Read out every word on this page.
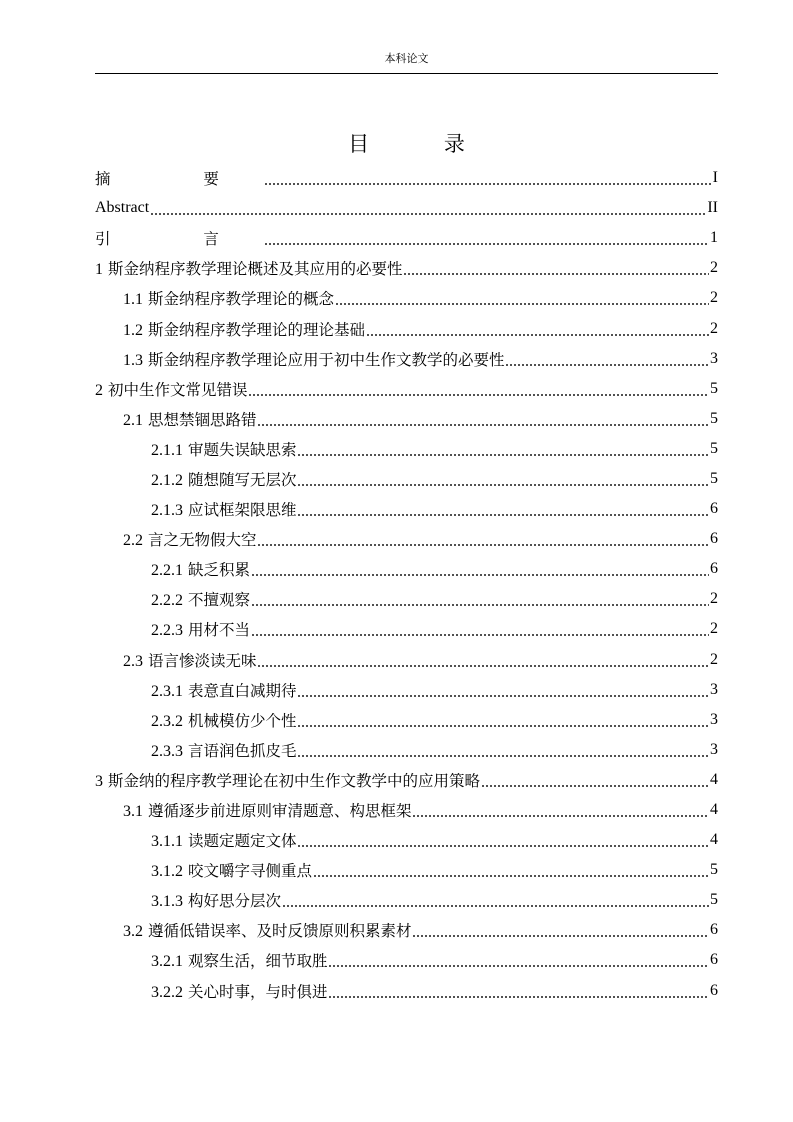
本科论文
目 录
摘 要	I
Abstract	II
引 言	1
1 斯金纳程序教学理论概述及其应用的必要性	2
1.1 斯金纳程序教学理论的概念	2
1.2 斯金纳程序教学理论的理论基础	2
1.3 斯金纳程序教学理论应用于初中生作文教学的必要性	3
2 初中生作文常见错误	5
2.1 思想禁锢思路错	5
2.1.1 审题失误缺思索	5
2.1.2 随想随写无层次	5
2.1.3 应试框架限思维	6
2.2 言之无物假大空	6
2.2.1 缺乏积累	6
2.2.2 不擅观察	2
2.2.3 用材不当	2
2.3 语言惨淡读无味	2
2.3.1 表意直白减期待	3
2.3.2 机械模仿少个性	3
2.3.3 言语润色抓皮毛	3
3 斯金纳的程序教学理论在初中生作文教学中的应用策略	4
3.1 遵循逐步前进原则审清题意、构思框架	4
3.1.1 读题定题定文体	4
3.1.2 咬文嚼字寻侧重点	5
3.1.3 构好思分层次	5
3.2 遵循低错误率、及时反馈原则积累素材	6
3.2.1 观察生活，细节取胜	6
3.2.2 关心时事，与时俱进	6
